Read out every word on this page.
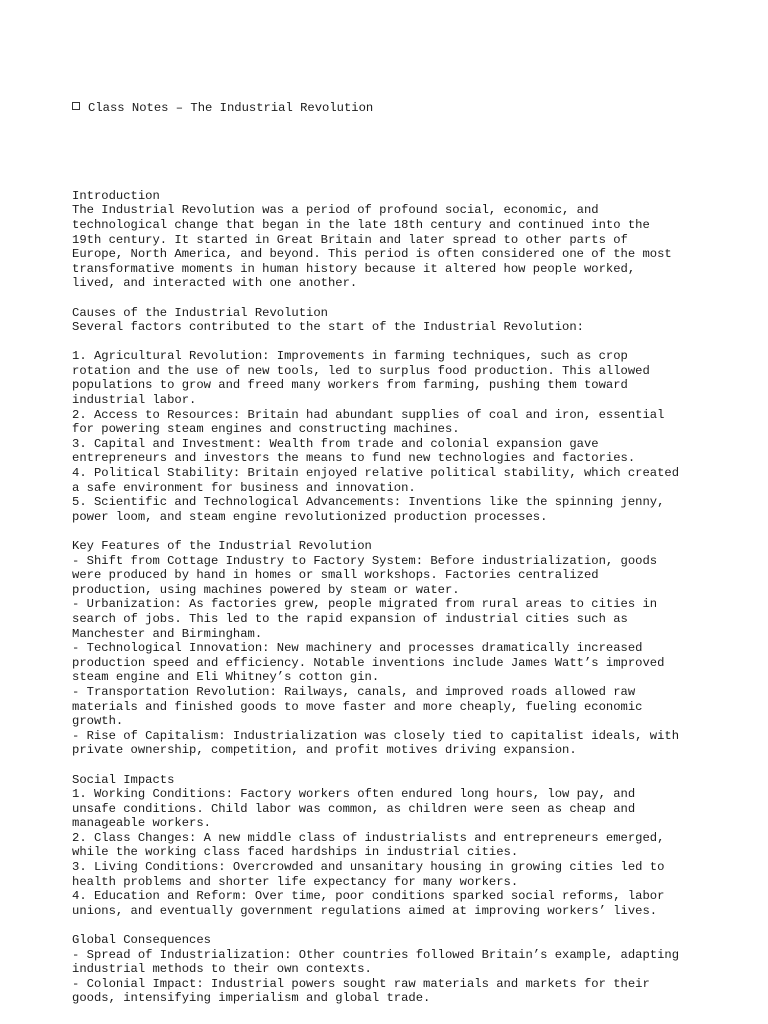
Class Notes – The Industrial Revolution

Introduction
The Industrial Revolution was a period of profound social, economic, and
technological change that began in the late 18th century and continued into the
19th century. It started in Great Britain and later spread to other parts of
Europe, North America, and beyond. This period is often considered one of the most
transformative moments in human history because it altered how people worked,
lived, and interacted with one another.
Causes of the Industrial Revolution
Several factors contributed to the start of the Industrial Revolution:
1. Agricultural Revolution: Improvements in farming techniques, such as crop
rotation and the use of new tools, led to surplus food production. This allowed
populations to grow and freed many workers from farming, pushing them toward
industrial labor.
2. Access to Resources: Britain had abundant supplies of coal and iron, essential
for powering steam engines and constructing machines.
3. Capital and Investment: Wealth from trade and colonial expansion gave
entrepreneurs and investors the means to fund new technologies and factories.
4. Political Stability: Britain enjoyed relative political stability, which created
a safe environment for business and innovation.
5. Scientific and Technological Advancements: Inventions like the spinning jenny,
power loom, and steam engine revolutionized production processes.
Key Features of the Industrial Revolution
- Shift from Cottage Industry to Factory System: Before industrialization, goods
were produced by hand in homes or small workshops. Factories centralized
production, using machines powered by steam or water.
- Urbanization: As factories grew, people migrated from rural areas to cities in
search of jobs. This led to the rapid expansion of industrial cities such as
Manchester and Birmingham.
- Technological Innovation: New machinery and processes dramatically increased
production speed and efficiency. Notable inventions include James Watt’s improved
steam engine and Eli Whitney’s cotton gin.
- Transportation Revolution: Railways, canals, and improved roads allowed raw
materials and finished goods to move faster and more cheaply, fueling economic
growth.
- Rise of Capitalism: Industrialization was closely tied to capitalist ideals, with
private ownership, competition, and profit motives driving expansion.
Social Impacts
1. Working Conditions: Factory workers often endured long hours, low pay, and
unsafe conditions. Child labor was common, as children were seen as cheap and
manageable workers.
2. Class Changes: A new middle class of industrialists and entrepreneurs emerged,
while the working class faced hardships in industrial cities.
3. Living Conditions: Overcrowded and unsanitary housing in growing cities led to
health problems and shorter life expectancy for many workers.
4. Education and Reform: Over time, poor conditions sparked social reforms, labor
unions, and eventually government regulations aimed at improving workers’ lives.
Global Consequences
- Spread of Industrialization: Other countries followed Britain’s example, adapting
industrial methods to their own contexts.
- Colonial Impact: Industrial powers sought raw materials and markets for their
goods, intensifying imperialism and global trade.
